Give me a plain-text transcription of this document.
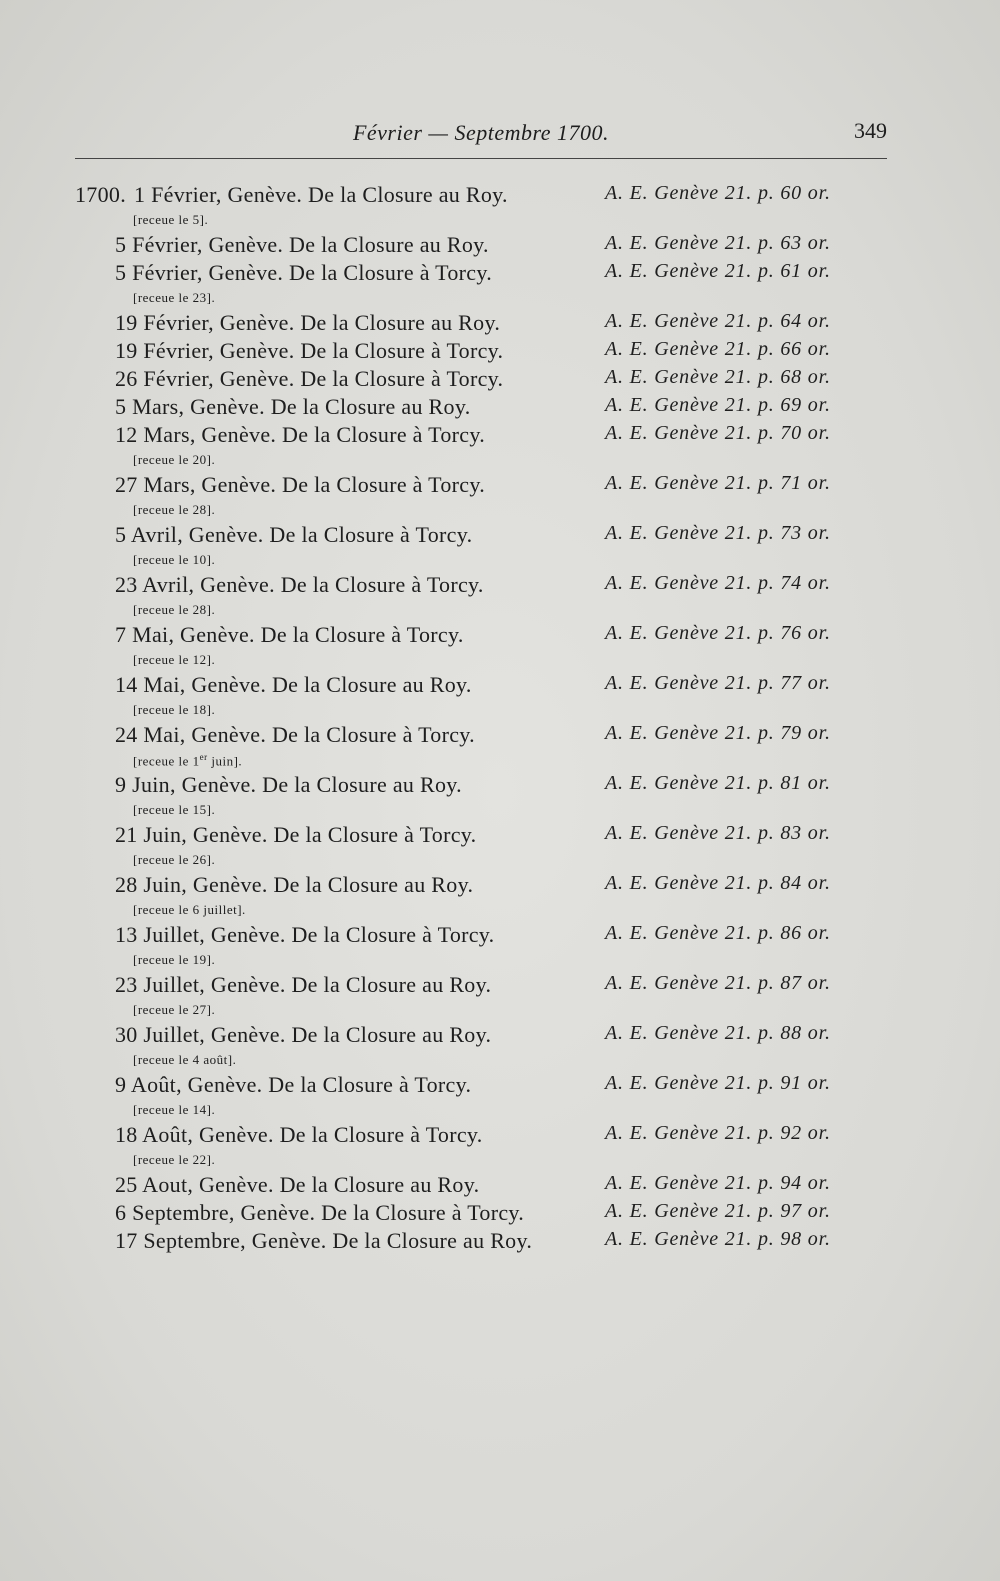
Février — Septembre 1700.	349
1700. 1 Février, Genève. De la Closure au Roy.	A. E. Genève 21. p. 60 or.
[receue le 5].
5 Février, Genève. De la Closure au Roy.	A. E. Genève 21. p. 63 or.
5 Février, Genève. De la Closure à Torcy.	A. E. Genève 21. p. 61 or.
[receue le 23].
19 Février, Genève. De la Closure au Roy.	A. E. Genève 21. p. 64 or.
19 Février, Genève. De la Closure à Torcy.	A. E. Genève 21. p. 66 or.
26 Février, Genève. De la Closure à Torcy.	A. E. Genève 21. p. 68 or.
5 Mars, Genève. De la Closure au Roy.	A. E. Genève 21. p. 69 or.
12 Mars, Genève. De la Closure à Torcy.	A. E. Genève 21. p. 70 or.
[receue le 20].
27 Mars, Genève. De la Closure à Torcy.	A. E. Genève 21. p. 71 or.
[receue le 28].
5 Avril, Genève. De la Closure à Torcy.	A. E. Genève 21. p. 73 or.
[receue le 10].
23 Avril, Genève. De la Closure à Torcy.	A. E. Genève 21. p. 74 or.
[receue le 28].
7 Mai, Genève. De la Closure à Torcy.	A. E. Genève 21. p. 76 or.
[receue le 12].
14 Mai, Genève. De la Closure au Roy.	A. E. Genève 21. p. 77 or.
[receue le 18].
24 Mai, Genève. De la Closure à Torcy.	A. E. Genève 21. p. 79 or.
[receue le 1er juin].
9 Juin, Genève. De la Closure au Roy.	A. E. Genève 21. p. 81 or.
[receue le 15].
21 Juin, Genève. De la Closure à Torcy.	A. E. Genève 21. p. 83 or.
[receue le 26].
28 Juin, Genève. De la Closure au Roy.	A. E. Genève 21. p. 84 or.
[receue le 6 juillet].
13 Juillet, Genève. De la Closure à Torcy.	A. E. Genève 21. p. 86 or.
[receue le 19].
23 Juillet, Genève. De la Closure au Roy.	A. E. Genève 21. p. 87 or.
[receue le 27].
30 Juillet, Genève. De la Closure au Roy.	A. E. Genève 21. p. 88 or.
[receue le 4 août].
9 Août, Genève. De la Closure à Torcy.	A. E. Genève 21. p. 91 or.
[receue le 14].
18 Août, Genève. De la Closure à Torcy.	A. E. Genève 21. p. 92 or.
[receue le 22].
25 Aout, Genève. De la Closure au Roy.	A. E. Genève 21. p. 94 or.
6 Septembre, Genève. De la Closure à Torcy.	A. E. Genève 21. p. 97 or.
17 Septembre, Genève. De la Closure au Roy.	A. E. Genève 21. p. 98 or.
